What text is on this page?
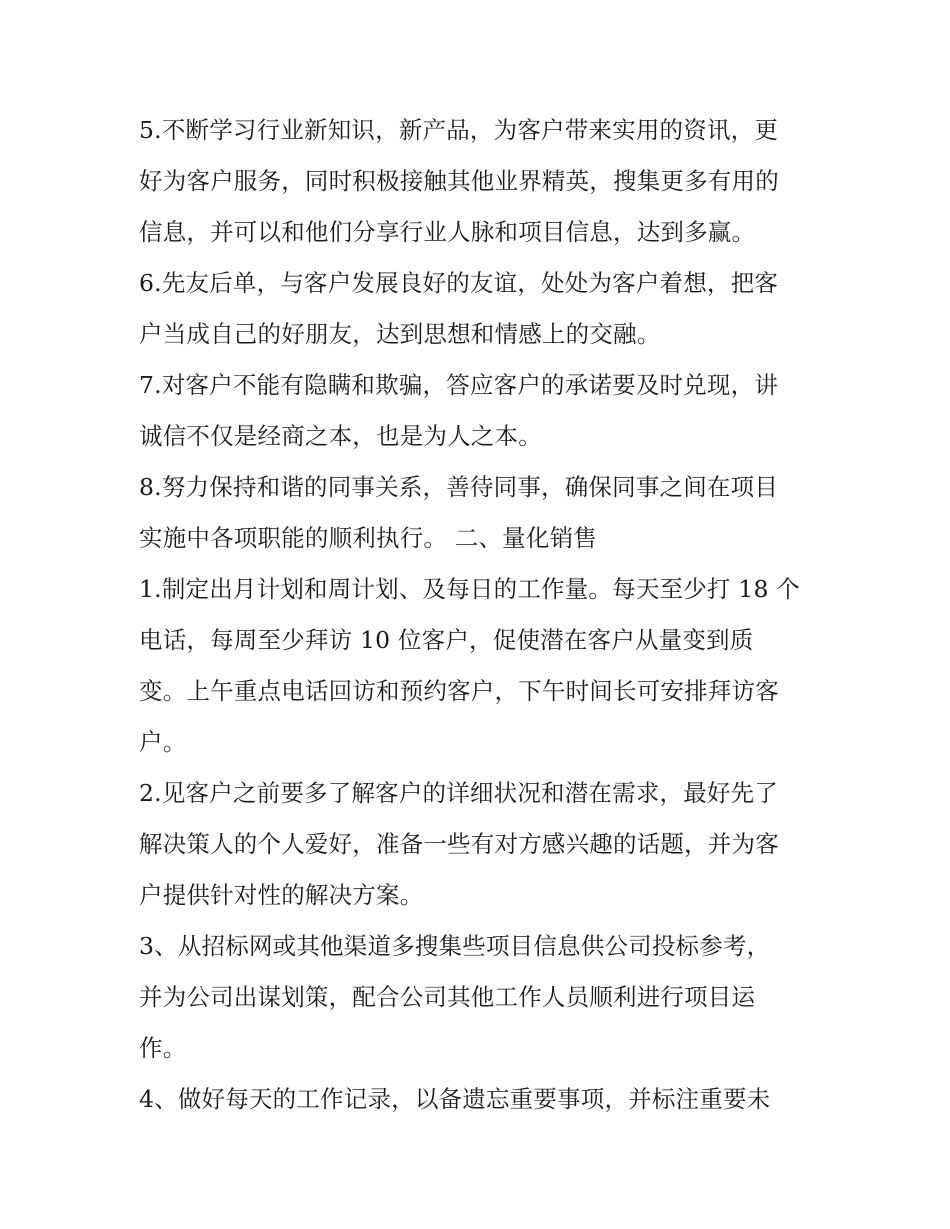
5.不断学习行业新知识，新产品，为客户带来实用的资讯，更
好为客户服务，同时积极接触其他业界精英，搜集更多有用的
信息，并可以和他们分享行业人脉和项目信息，达到多赢。
6.先友后单，与客户发展良好的友谊，处处为客户着想，把客
户当成自己的好朋友，达到思想和情感上的交融。
7.对客户不能有隐瞒和欺骗，答应客户的承诺要及时兑现，讲
诚信不仅是经商之本，也是为人之本。
8.努力保持和谐的同事关系，善待同事，确保同事之间在项目
实施中各项职能的顺利执行。 二、量化销售
1.制定出月计划和周计划、及每日的工作量。每天至少打 18 个
电话，每周至少拜访 10 位客户，促使潜在客户从量变到质
变。上午重点电话回访和预约客户，下午时间长可安排拜访客
户。
2.见客户之前要多了解客户的详细状况和潜在需求，最好先了
解决策人的个人爱好，准备一些有对方感兴趣的话题，并为客
户提供针对性的解决方案。
3、从招标网或其他渠道多搜集些项目信息供公司投标参考，
并为公司出谋划策，配合公司其他工作人员顺利进行项目运
作。
4、做好每天的工作记录，以备遗忘重要事项，并标注重要未
